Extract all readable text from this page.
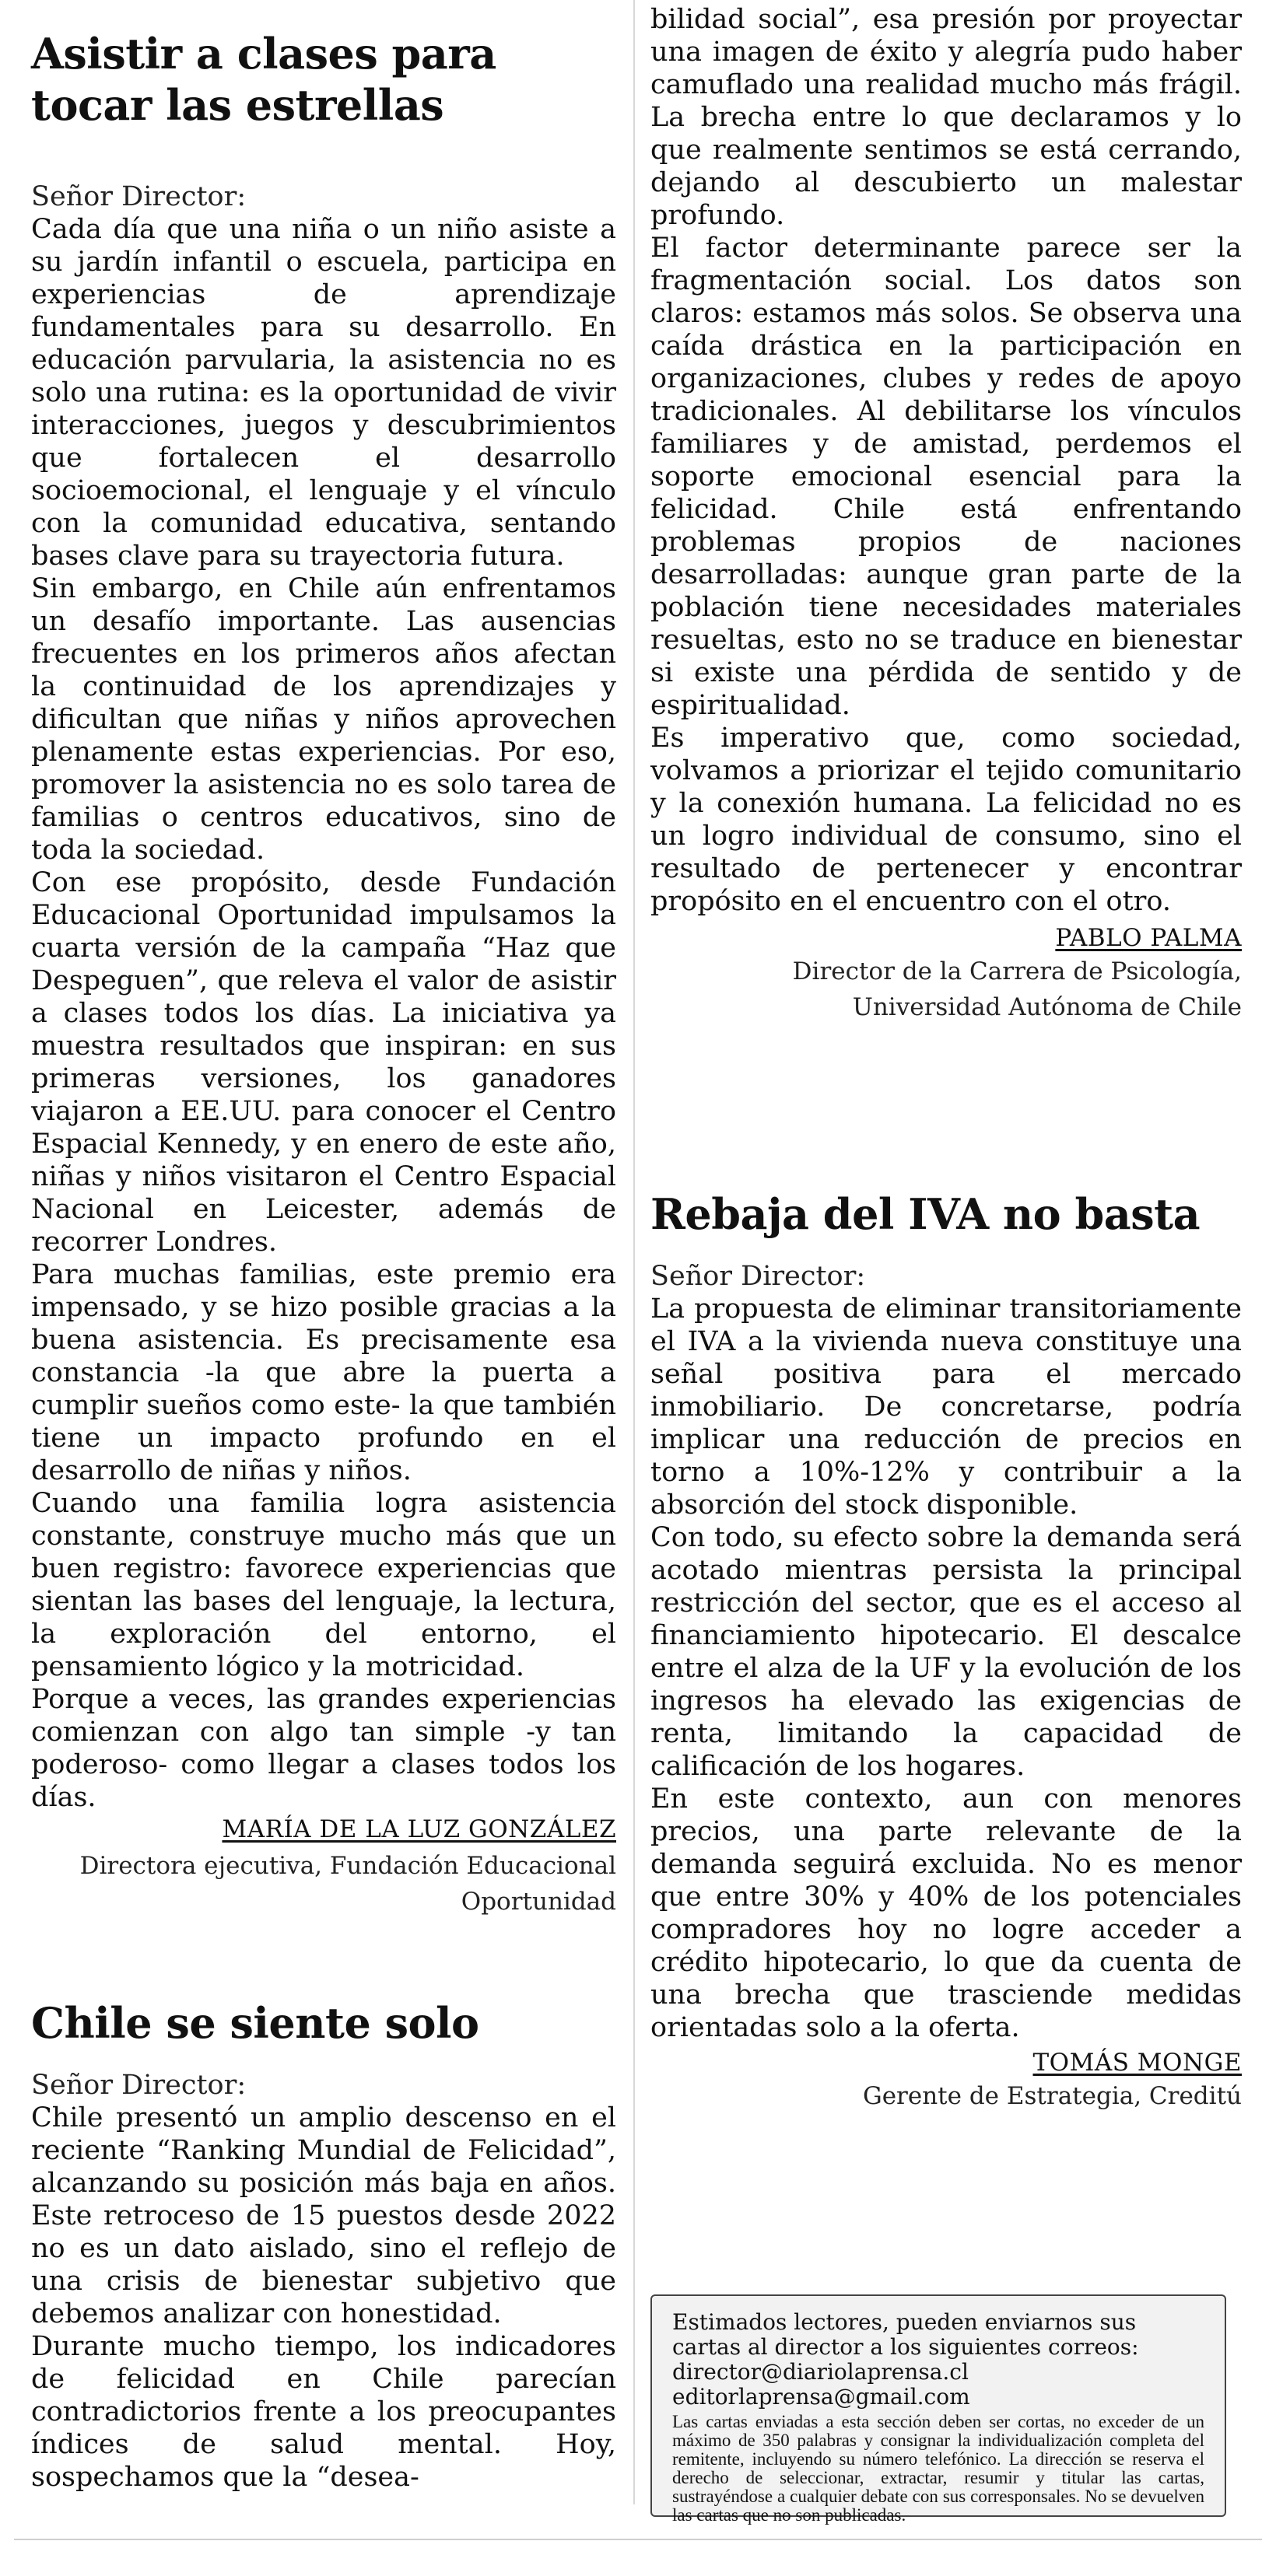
Asistir a clases para
tocar las estrellas

Señor Director:

Cada día que una niña o un niño asiste a su jardín infantil o escuela, participa en experiencias de aprendizaje fundamentales para su desarrollo. En educación parvularia, la asistencia no es solo una rutina: es la oportunidad de vivir interacciones, juegos y descubrimientos que fortalecen el desarrollo socioemocional, el lenguaje y el vínculo con la comunidad educativa, sentando bases clave para su trayectoria futura.

Sin embargo, en Chile aún enfrentamos un desafío importante. Las ausencias frecuentes en los primeros años afectan la continuidad de los aprendizajes y dificultan que niñas y niños aprovechen plenamente estas experiencias. Por eso, promover la asistencia no es solo tarea de familias o centros educativos, sino de toda la sociedad.

Con ese propósito, desde Fundación Educacional Oportunidad impulsamos la cuarta versión de la campaña “Haz que Despeguen”, que releva el valor de asistir a clases todos los días. La iniciativa ya muestra resultados que inspiran: en sus primeras versiones, los ganadores viajaron a EE.UU. para conocer el Centro Espacial Kennedy, y en enero de este año, niñas y niños visitaron el Centro Espacial Nacional en Leicester, además de recorrer Londres.

Para muchas familias, este premio era impensado, y se hizo posible gracias a la buena asistencia. Es precisamente esa constancia -la que abre la puerta a cumplir sueños como este- la que también tiene un impacto profundo en el desarrollo de niñas y niños.

Cuando una familia logra asistencia constante, construye mucho más que un buen registro: favorece experiencias que sientan las bases del lenguaje, la lectura, la exploración del entorno, el pensamiento lógico y la motricidad.

Porque a veces, las grandes experiencias comienzan con algo tan simple -y tan poderoso- como llegar a clases todos los días.

MARÍA DE LA LUZ GONZÁLEZ

Directora ejecutiva, Fundación Educacional

Oportunidad

Chile se siente solo

Señor Director:

Chile presentó un amplio descenso en el reciente “Ranking Mundial de Felicidad”, alcanzando su posición más baja en años. Este retroceso de 15 puestos desde 2022 no es un dato aislado, sino el reflejo de una crisis de bienestar subjetivo que debemos analizar con honestidad.

Durante mucho tiempo, los indicadores de felicidad en Chile parecían contradictorios frente a los preocupantes índices de salud mental. Hoy, sospechamos que la “desea-

bilidad social”, esa presión por proyectar una imagen de éxito y alegría pudo haber camuflado una realidad mucho más frágil. La brecha entre lo que declaramos y lo que realmente sentimos se está cerrando, dejando al descubierto un malestar profundo.

El factor determinante parece ser la fragmentación social. Los datos son claros: estamos más solos. Se observa una caída drástica en la participación en organizaciones, clubes y redes de apoyo tradicionales. Al debilitarse los vínculos familiares y de amistad, perdemos el soporte emocional esencial para la felicidad. Chile está enfrentando problemas propios de naciones desarrolladas: aunque gran parte de la población tiene necesidades materiales resueltas, esto no se traduce en bienestar si existe una pérdida de sentido y de espiritualidad.

Es imperativo que, como sociedad, volvamos a priorizar el tejido comunitario y la conexión humana. La felicidad no es un logro individual de consumo, sino el resultado de pertenecer y encontrar propósito en el encuentro con el otro.

PABLO PALMA

Director de la Carrera de Psicología,

Universidad Autónoma de Chile

Rebaja del IVA no basta

Señor Director:

La propuesta de eliminar transitoriamente el IVA a la vivienda nueva constituye una señal positiva para el mercado inmobiliario. De concretarse, podría implicar una reducción de precios en torno a 10%-12% y contribuir a la absorción del stock disponible.

Con todo, su efecto sobre la demanda será acotado mientras persista la principal restricción del sector, que es el acceso al financiamiento hipotecario. El descalce entre el alza de la UF y la evolución de los ingresos ha elevado las exigencias de renta, limitando la capacidad de calificación de los hogares.

En este contexto, aun con menores precios, una parte relevante de la demanda seguirá excluida. No es menor que entre 30% y 40% de los potenciales compradores hoy no logre acceder a crédito hipotecario, lo que da cuenta de una brecha que trasciende medidas orientadas solo a la oferta.

TOMÁS MONGE

Gerente de Estrategia, Creditú

Estimados lectores, pueden enviarnos sus cartas al director a los siguientes correos:

director@diariolaprensa.cl

editorlaprensa@gmail.com

Las cartas enviadas a esta sección deben ser cortas, no exceder de un máximo de 350 palabras y consignar la individualización completa del remitente, incluyendo su número telefónico. La dirección se reserva el derecho de seleccionar, extractar, resumir y titular las cartas, sustrayéndose a cualquier debate con sus corresponsales. No se devuelven las cartas que no son publicadas.
